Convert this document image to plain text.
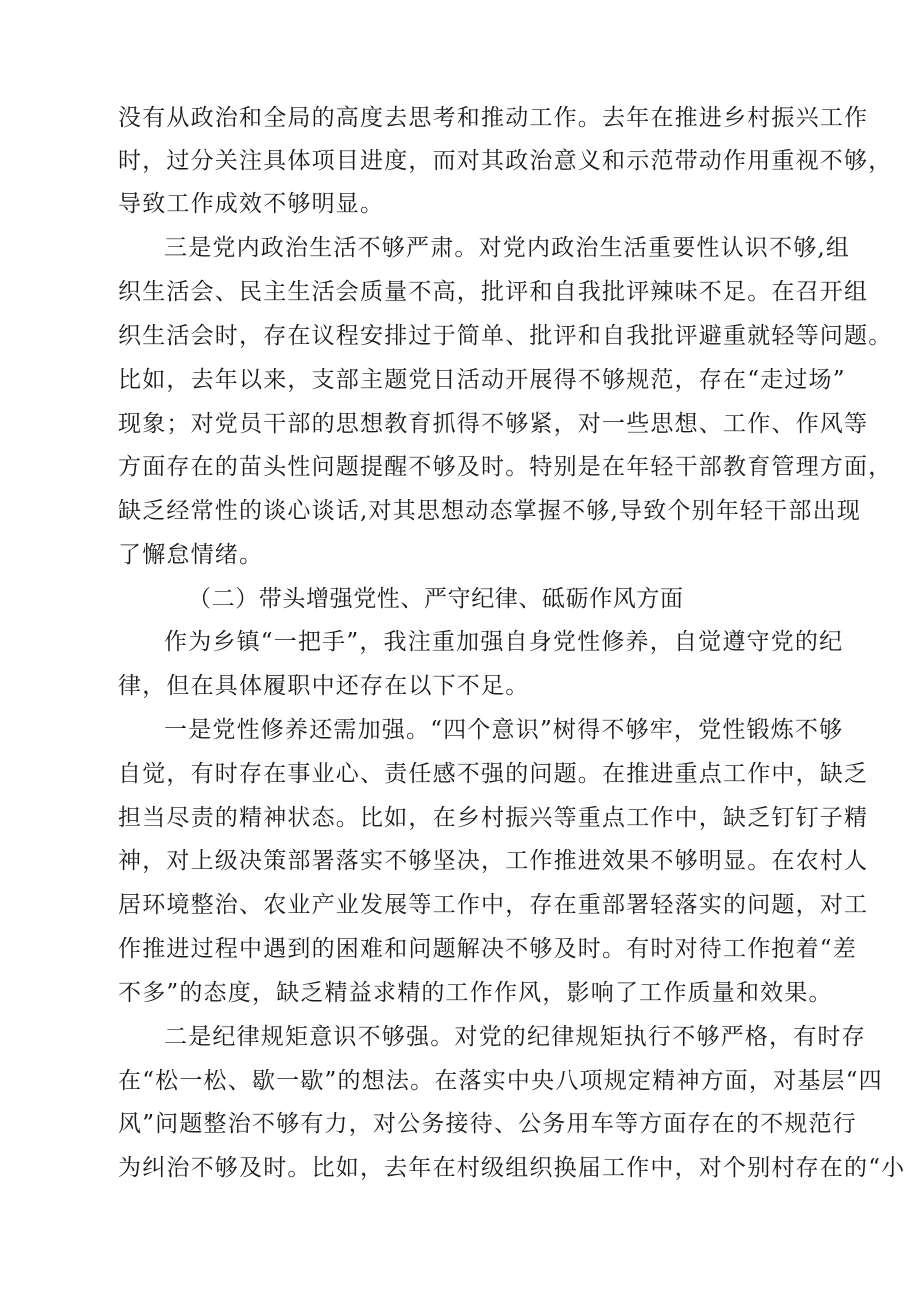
没有从政治和全局的高度去思考和推动工作。去年在推进乡村振兴工作
时，过分关注具体项目进度，而对其政治意义和示范带动作用重视不够，
导致工作成效不够明显。
三是党内政治生活不够严肃。对党内政治生活重要性认识不够,组
织生活会、民主生活会质量不高，批评和自我批评辣味不足。在召开组
织生活会时，存在议程安排过于简单、批评和自我批评避重就轻等问题。
比如，去年以来，支部主题党日活动开展得不够规范，存在“走过场”
现象；对党员干部的思想教育抓得不够紧，对一些思想、工作、作风等
方面存在的苗头性问题提醒不够及时。特别是在年轻干部教育管理方面，
缺乏经常性的谈心谈话,对其思想动态掌握不够,导致个别年轻干部出现
了懈怠情绪。
（二）带头增强党性、严守纪律、砥砺作风方面
作为乡镇“一把手”，我注重加强自身党性修养，自觉遵守党的纪
律，但在具体履职中还存在以下不足。
一是党性修养还需加强。“四个意识”树得不够牢，党性锻炼不够
自觉，有时存在事业心、责任感不强的问题。在推进重点工作中，缺乏
担当尽责的精神状态。比如，在乡村振兴等重点工作中，缺乏钉钉子精
神，对上级决策部署落实不够坚决，工作推进效果不够明显。在农村人
居环境整治、农业产业发展等工作中，存在重部署轻落实的问题，对工
作推进过程中遇到的困难和问题解决不够及时。有时对待工作抱着“差
不多”的态度，缺乏精益求精的工作作风，影响了工作质量和效果。
二是纪律规矩意识不够强。对党的纪律规矩执行不够严格，有时存
在“松一松、歇一歇”的想法。在落实中央八项规定精神方面，对基层“四
风”问题整治不够有力，对公务接待、公务用车等方面存在的不规范行
为纠治不够及时。比如，去年在村级组织换届工作中，对个别村存在的“小
